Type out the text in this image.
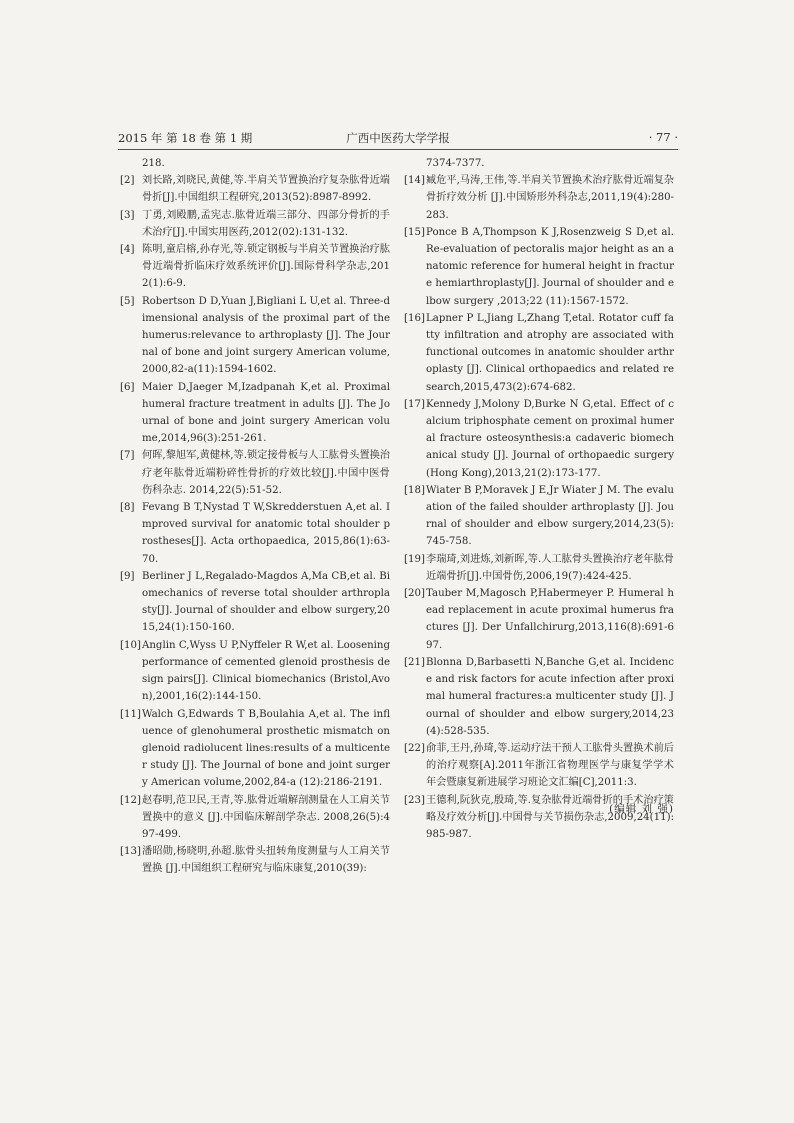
2015 年 第 18 卷 第 1 期	广西中医药大学学报	· 77 ·

218.

[2] 刘长路,刘晓民,黄健,等.半肩关节置换治疗复杂肱骨近端骨折[J].中国组织工程研究,2013(52):8987-8992.
[3] 丁勇,刘殿鹏,孟宪志.肱骨近端三部分、四部分骨折的手术治疗[J].中国实用医药,2012(02):131-132.
[4] 陈明,童启榕,孙存光,等.锁定钢板与半肩关节置换治疗肱骨近端骨折临床疗效系统评价[J].国际骨科学杂志,2012(1):6-9.
[5] Robertson D D,Yuan J,Bigliani L U,et al. Three-dimensional analysis of the proximal part of the humerus:relevance to arthroplasty [J]. The Journal of bone and joint surgery American volume,2000,82-a(11):1594-1602.
[6] Maier D,Jaeger M,Izadpanah K,et al. Proximal humeral fracture treatment in adults [J]. The Journal of bone and joint surgery American volume,2014,96(3):251-261.
[7] 何晖,黎旭军,黄健林,等.锁定接骨板与人工肱骨头置换治疗老年肱骨近端粉碎性骨折的疗效比较[J].中国中医骨伤科杂志. 2014,22(5):51-52.
[8] Fevang B T,Nystad T W,Skredderstuen A,et al. Improved survival for anatomic total shoulder prostheses[J]. Acta orthopaedica, 2015,86(1):63-70.
[9] Berliner J L,Regalado-Magdos A,Ma CB,et al. Biomechanics of reverse total shoulder arthroplasty[J]. Journal of shoulder and elbow surgery,2015,24(1):150-160.
[10] Anglin C,Wyss U P,Nyffeler R W,et al. Loosening performance of cemented glenoid prosthesis design pairs[J]. Clinical biomechanics (Bristol,Avon),2001,16(2):144-150.
[11] Walch G,Edwards T B,Boulahia A,et al. The influence of glenohumeral prosthetic mismatch on glenoid radiolucent lines:results of a multicenter study [J]. The Journal of bone and joint surgery American volume,2002,84-a (12):2186-2191.
[12] 赵春明,范卫民,王青,等.肱骨近端解剖测量在人工肩关节置换中的意义 [J].中国临床解剖学杂志. 2008,26(5):497-499.
[13] 潘昭勋,杨晓明,孙超.肱骨头扭转角度测量与人工肩关节置换 [J].中国组织工程研究与临床康复,2010(39):

7374-7377.

[14] 臧危平,马涛,王伟,等.半肩关节置换术治疗肱骨近端复杂骨折疗效分析 [J].中国矫形外科杂志,2011,19(4):280-283.
[15] Ponce B A,Thompson K J,Rosenzweig S D,et al. Re-evaluation of pectoralis major height as an anatomic reference for humeral height in fracture hemiarthroplasty[J]. Journal of shoulder and elbow surgery ,2013;22 (11):1567-1572.
[16] Lapner P L,Jiang L,Zhang T,etal. Rotator cuff fatty infiltration and atrophy are associated with functional outcomes in anatomic shoulder arthroplasty [J]. Clinical orthopaedics and related research,2015,473(2):674-682.
[17] Kennedy J,Molony D,Burke N G,etal. Effect of calcium triphosphate cement on proximal humeral fracture osteosynthesis:a cadaveric biomechanical study [J]. Journal of orthopaedic surgery (Hong Kong),2013,21(2):173-177.
[18] Wiater B P,Moravek J E,Jr Wiater J M. The evaluation of the failed shoulder arthroplasty [J]. Journal of shoulder and elbow surgery,2014,23(5):745-758.
[19] 李瑞琦,刘进炼,刘新晖,等.人工肱骨头置换治疗老年肱骨近端骨折[J].中国骨伤,2006,19(7):424-425.
[20] Tauber M,Magosch P,Habermeyer P. Humeral head replacement in acute proximal humerus fractures [J]. Der Unfallchirurg,2013,116(8):691-697.
[21] Blonna D,Barbasetti N,Banche G,et al. Incidence and risk factors for acute infection after proximal humeral fractures:a multicenter study [J]. Journal of shoulder and elbow surgery,2014,23(4):528-535.
[22] 俞菲,王丹,孙琦,等.运动疗法干预人工肱骨头置换术前后的治疗观察[A].2011年浙江省物理医学与康复学学术年会暨康复新进展学习班论文汇编[C],2011:3.
[23] 王德利,阮狄克,殷琦,等.复杂肱骨近端骨折的手术治疗策略及疗效分析[J].中国骨与关节损伤杂志,2009,24(11):985-987.
(编辑 刘 强)
